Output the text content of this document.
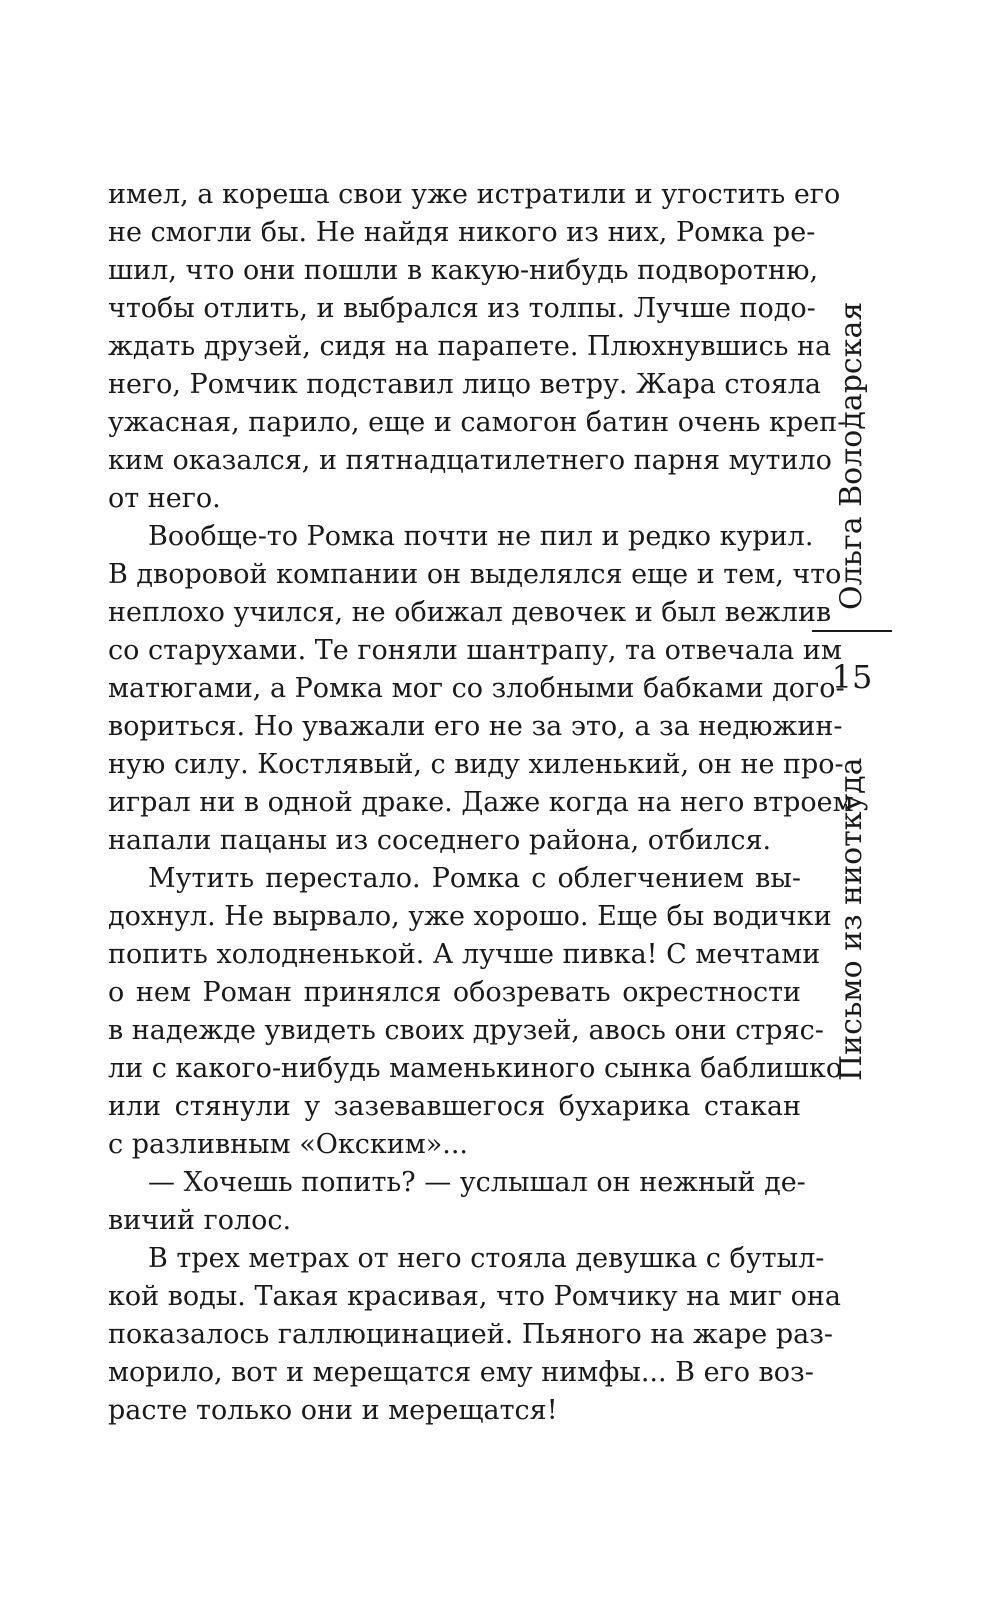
имел, а кореша свои уже истратили и угостить его
не смогли бы. Не найдя никого из них, Ромка ре-
шил, что они пошли в какую-нибудь подворотню,
чтобы отлить, и выбрался из толпы. Лучше подо-
ждать друзей, сидя на парапете. Плюхнувшись на
него, Ромчик подставил лицо ветру. Жара стояла
ужасная, парило, еще и самогон батин очень креп-
ким оказался, и пятнадцатилетнего парня мутило
от него.
Вообще-то Ромка почти не пил и редко курил.
В дворовой компании он выделялся еще и тем, что
неплохо учился, не обижал девочек и был вежлив
со старухами. Те гоняли шантрапу, та отвечала им
матюгами, а Ромка мог со злобными бабками дого-
вориться. Но уважали его не за это, а за недюжин-
ную силу. Костлявый, с виду хиленький, он не про-
играл ни в одной драке. Даже когда на него втроем
напали пацаны из соседнего района, отбился.
Мутить перестало. Ромка с облегчением вы-
дохнул. Не вырвало, уже хорошо. Еще бы водички
попить холодненькой. А лучше пивка! С мечтами
о нем Роман принялся обозревать окрестности
в надежде увидеть своих друзей, авось они стряс-
ли с какого-нибудь маменькиного сынка баблишко
или стянули у зазевавшегося бухарика стакан
с разливным «Окским»...
— Хочешь попить? — услышал он нежный де-
вичий голос.
В трех метрах от него стояла девушка с бутыл-
кой воды. Такая красивая, что Ромчику на миг она
показалось галлюцинацией. Пьяного на жаре раз-
морило, вот и мерещатся ему нимфы... В его воз-
расте только они и мерещатся!
Ольга Володарская
Письмо из ниоткуда
15
